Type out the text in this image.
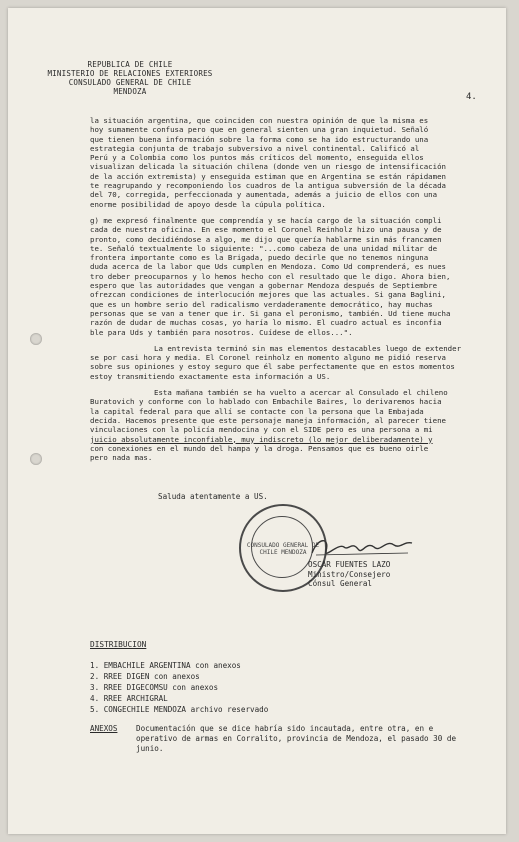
REPUBLICA DE CHILE
MINISTERIO DE RELACIONES EXTERIORES
CONSULADO GENERAL DE CHILE
MENDOZA
4.
la situación argentina, que coinciden con nuestra opinión de que la misma es
hoy sumamente confusa pero que en general sienten una gran inquietud. Señaló
que tienen buena información sobre la forma como se ha ido estructurando una
estrategia conjunta de trabajo subversivo a nivel continental. Calificó al
Perú y a Colombia como los puntos más críticos del momento, enseguida ellos
visualizan delicada la situación chilena (donde ven un riesgo de intensificación
de la acción extremista) y enseguida estiman que en Argentina se están rápidamen
te reagrupando y recomponiendo los cuadros de la antigua subversión de la década
del 70, corregida, perfeccionada y aumentada, además a juicio de ellos con una
enorme posibilidad de apoyo desde la cúpula política.
g) me expresó finalmente que comprendía y se hacía cargo de la situación compli
cada de nuestra oficina. En ese momento el Coronel Reinholz hizo una pausa y de
pronto, como decidiéndose a algo, me dijo que quería hablarme sin más francamen
te. Señaló textualmente lo siguiente: "...como cabeza de una unidad militar de
frontera importante como es la Brigada, puedo decirle que no tenemos ninguna
duda acerca de la labor que Uds cumplen en Mendoza. Como Ud comprenderá, es nues
tro deber preocuparnos y lo hemos hecho con el resultado que le digo. Ahora bien,
espero que las autoridades que vengan a gobernar Mendoza después de Septiembre
ofrezcan condiciones de interlocución mejores que las actuales. Si gana Baglini,
que es un hombre serio del radicalismo verdaderamente democrático, hay muchas
personas que se van a tener que ir. Si gana el peronismo, también. Ud tiene mucha
razón de dudar de muchas cosas, yo haría lo mismo. El cuadro actual es inconfia
ble para Uds y también para nosotros. Cuídese de ellos...".
La entrevista terminó sin mas elementos destacables luego de extender
se por casi hora y media. El Coronel reinholz en momento alguno me pidió reserva
sobre sus opiniones y estoy seguro que él sabe perfectamente que en estos momentos
estoy transmitiendo exactamente esta información a US.
Esta mañana también se ha vuelto a acercar al Consulado el chileno
Buratovich y conforme con lo hablado con Embachile Baires, lo derivaremos hacia
la capital federal para que allí se contacte con la persona que la Embajada
decida. Hacemos presente que este personaje maneja información, al parecer tiene
vinculaciones con la policía mendocina y con el SIDE pero es una persona a mi
juicio absolutamente inconfiable, muy indiscreto (lo mejor deliberadamente) y
con conexiones en el mundo del hampa y la droga. Pensamos que es bueno oirle
pero nada mas.
Saluda atentamente a US.
CONSULADO GENERAL DE CHILE MENDOZA
OSCAR FUENTES LAZO
Ministro/Consejero
Cónsul General
DISTRIBUCION
1. EMBACHILE ARGENTINA con anexos
2. RREE DIGEN con anexos
3. RREE DIGECOMSU con anexos
4. RREE ARCHIGRAL
5. CONGECHILE MENDOZA archivo reservado
ANEXOS Documentación que se dice habría sido incautada, entre otra, en e operativo de armas en Corralito, provincia de Mendoza, el pasado 30 de junio.
